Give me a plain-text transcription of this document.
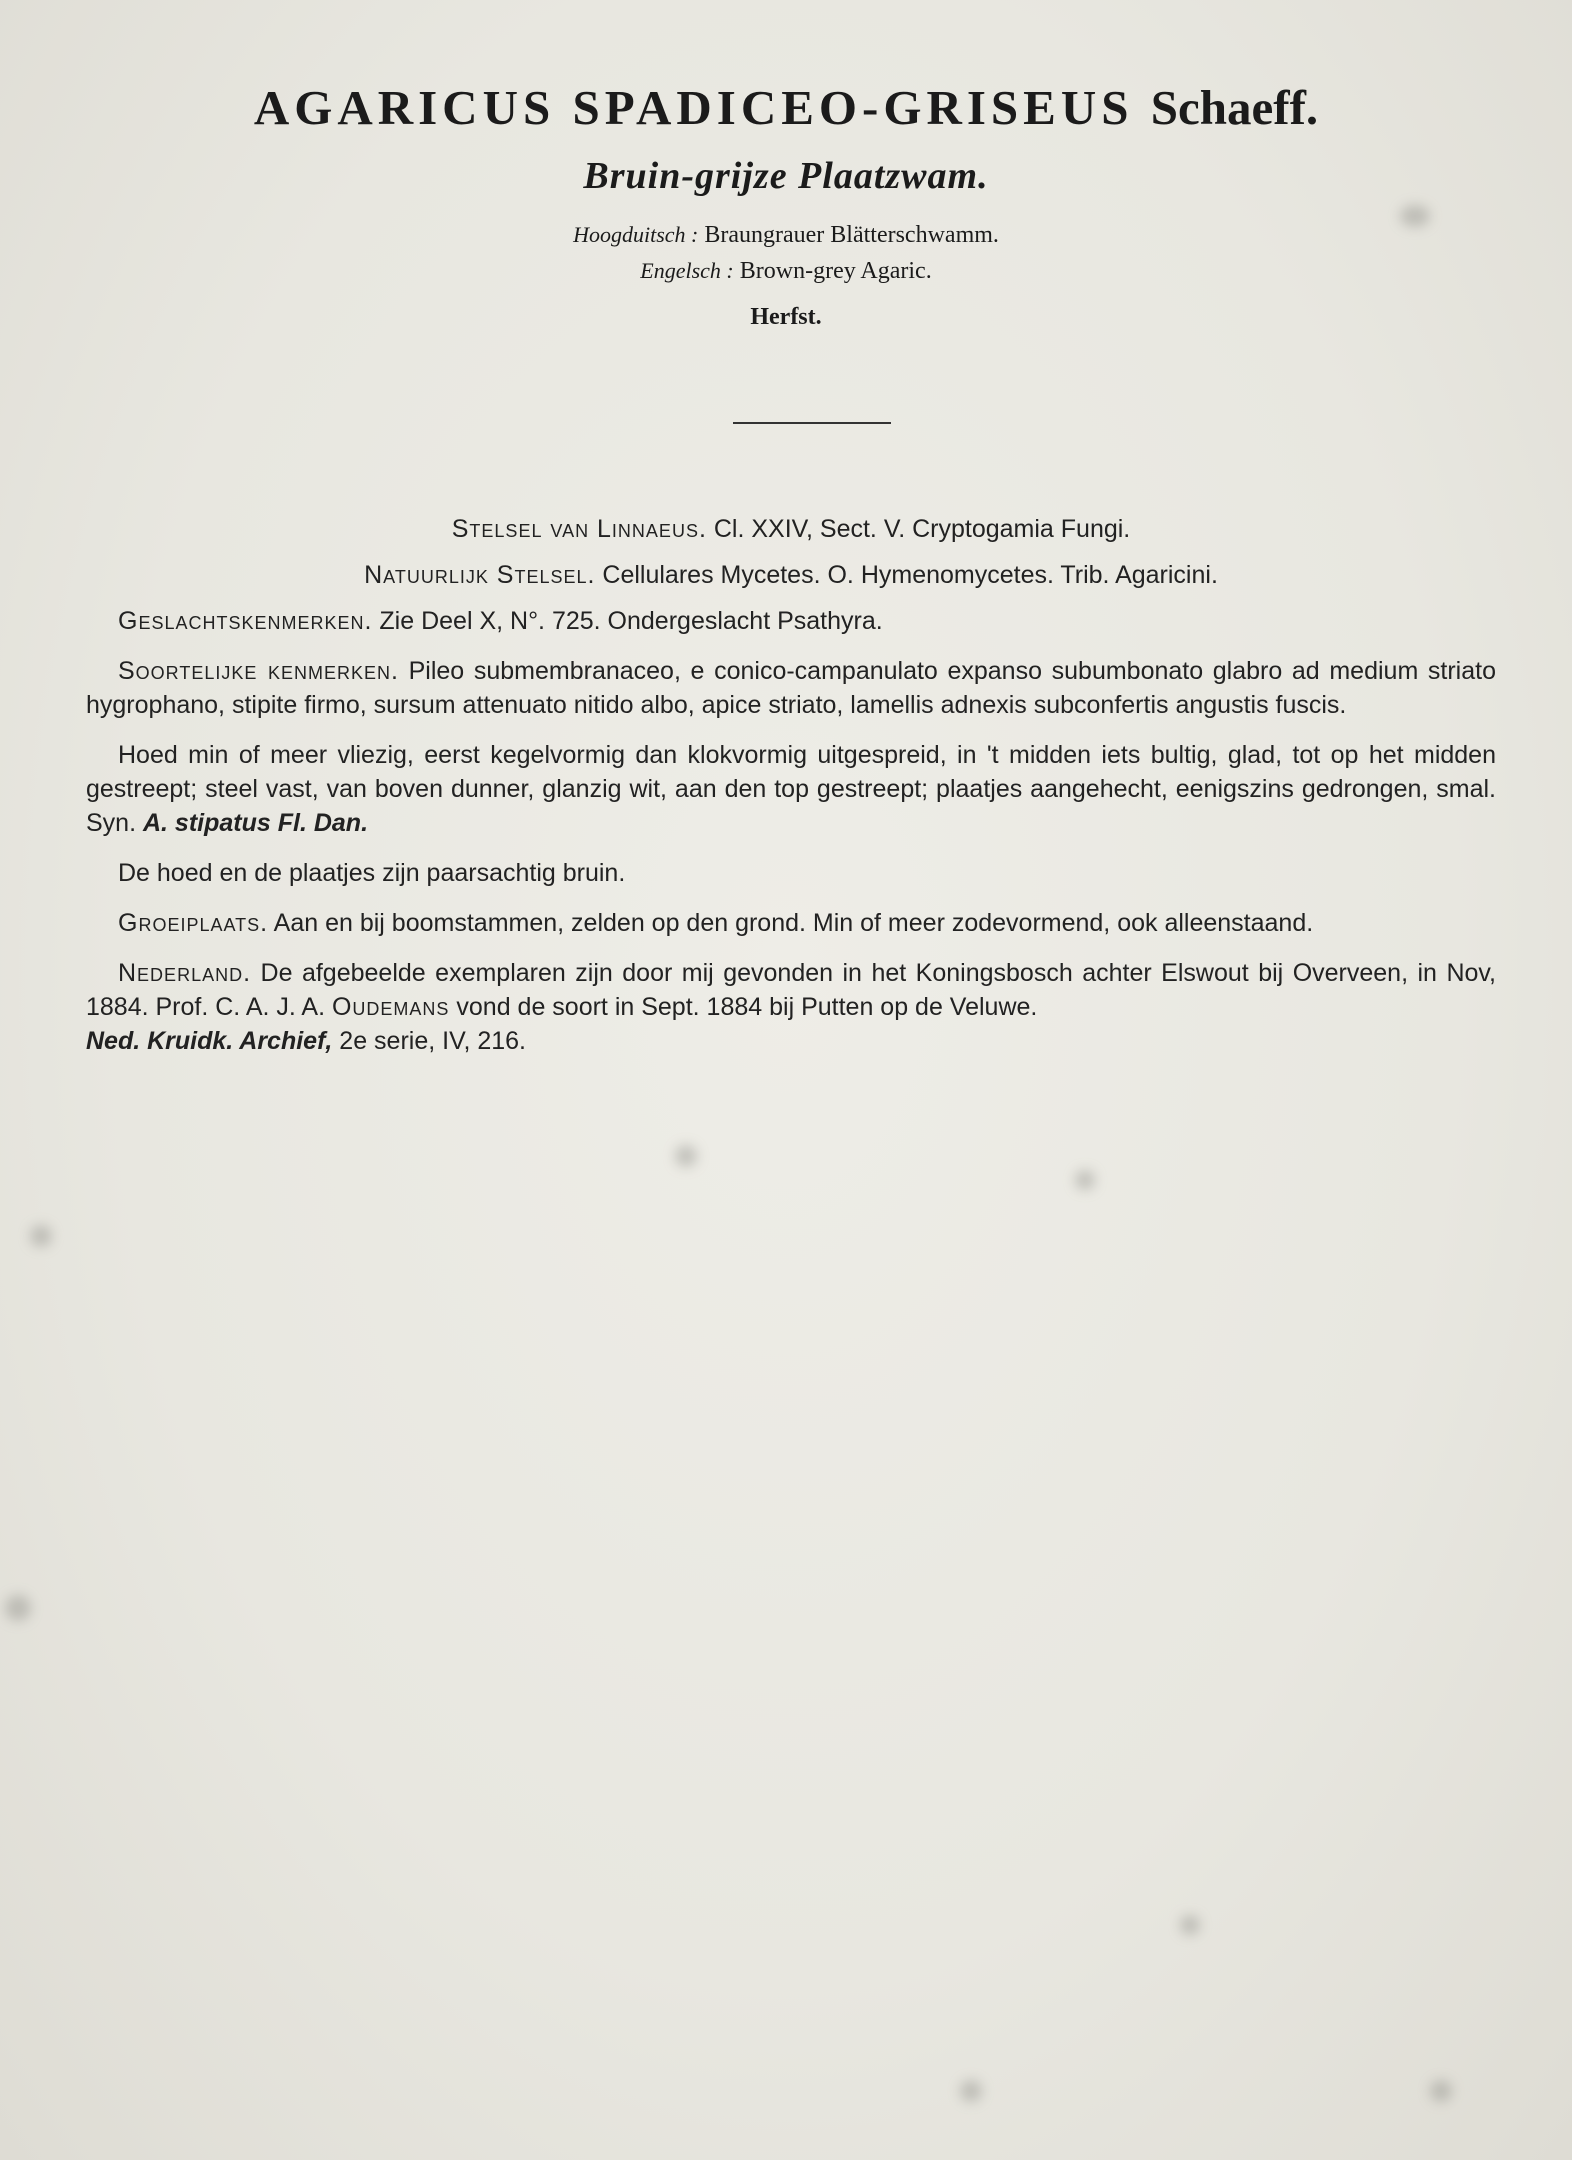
AGARICUS SPADICEO-GRISEUS Schaeff.
Bruin-grijze Plaatzwam.
Hoogduitsch : Braungrauer Blätterschwamm.
Engelsch : Brown-grey Agaric.
Herfst.

Stelsel van Linnaeus. Cl. XXIV, Sect. V. Cryptogamia Fungi.

Natuurlijk Stelsel. Cellulares Mycetes. O. Hymenomycetes. Trib. Agaricini.

Geslachtskenmerken. Zie Deel X, N°. 725. Ondergeslacht Psathyra.

Soortelijke kenmerken. Pileo submembranaceo, e conico-campanulato expanso subumbonato glabro ad medium striato hygrophano, stipite firmo, sursum attenuato nitido albo, apice striato, lamellis adnexis subconfertis angustis fuscis.

Hoed min of meer vliezig, eerst kegelvormig dan klokvormig uitgespreid, in 't midden iets bultig, glad, tot op het midden gestreept; steel vast, van boven dunner, glanzig wit, aan den top gestreept; plaatjes aangehecht, eenigszins gedrongen, smal. Syn. A. stipatus Fl. Dan.

De hoed en de plaatjes zijn paarsachtig bruin.

Groeiplaats. Aan en bij boomstammen, zelden op den grond. Min of meer zodevormend, ook alleenstaand.

Nederland. De afgebeelde exemplaren zijn door mij gevonden in het Koningsbosch achter Elswout bij Overveen, in Nov, 1884. Prof. C. A. J. A. Oudemans vond de soort in Sept. 1884 bij Putten op de Veluwe.
Ned. Kruidk. Archief, 2e serie, IV, 216.
